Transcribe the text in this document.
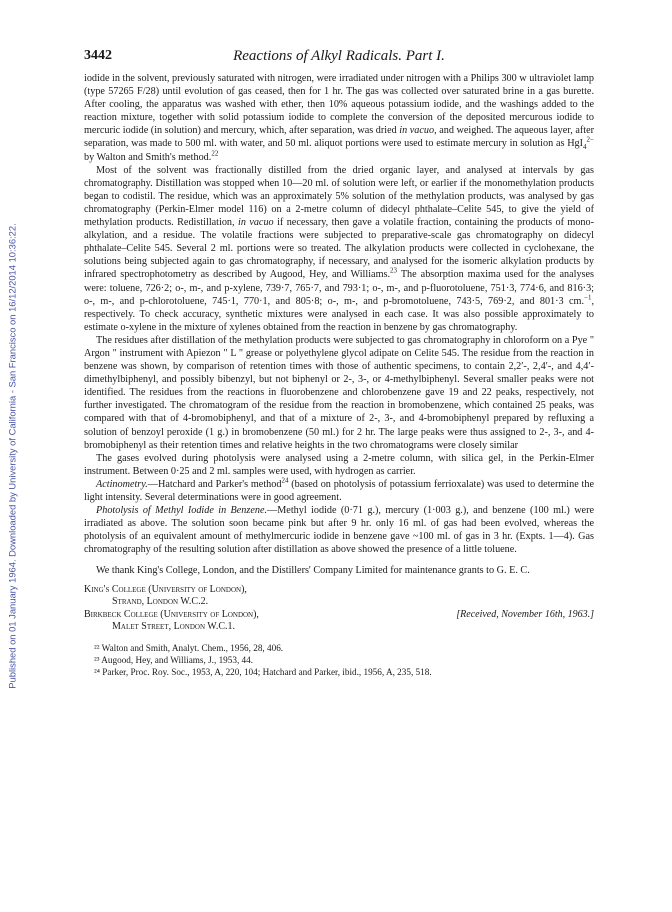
Published on 01 January 1964. Downloaded by University of California - San Francisco on 16/12/2014 10:36:22.
3442	Reactions of Alkyl Radicals. Part I.

iodide in the solvent, previously saturated with nitrogen, were irradiated under nitrogen with a Philips 300 w ultraviolet lamp (type 57265 F/28) until evolution of gas ceased, then for 1 hr. The gas was collected over saturated brine in a gas burette. After cooling, the apparatus was washed with ether, then 10% aqueous potassium iodide, and the washings added to the reaction mixture, together with solid potassium iodide to complete the conversion of the deposited mercurous iodide to mercuric iodide (in solution) and mercury, which, after separation, was dried in vacuo, and weighed. The aqueous layer, after separation, was made to 500 ml. with water, and 50 ml. aliquot portions were used to estimate mercury in solution as HgI$_4^{2-}$ by Walton and Smith's method.$^{22}$

Most of the solvent was fractionally distilled from the dried organic layer, and analysed at intervals by gas chromatography. Distillation was stopped when 10—20 ml. of solution were left, or earlier if the monomethylation products began to codistil. The residue, which was an approximately 5% solution of the methylation products, was analysed by gas chromatography (Perkin-Elmer model 116) on a 2-metre column of didecyl phthalate–Celite 545, to give the yield of methylation products. Redistillation, in vacuo if necessary, then gave a volatile fraction, containing the products of mono-alkylation, and a residue. The volatile fractions were subjected to preparative-scale gas chromatography on didecyl phthalate–Celite 545. Several 2 ml. portions were so treated. The alkylation products were collected in cyclohexane, the solutions being subjected again to gas chromatography, if necessary, and analysed for the isomeric alkylation products by infrared spectrophotometry as described by Augood, Hey, and Williams.$^{23}$ The absorption maxima used for the analyses were: toluene, 726·2; o-, m-, and p-xylene, 739·7, 765·7, and 793·1; o-, m-, and p-fluorotoluene, 751·3, 774·6, and 816·3; o-, m-, and p-chlorotoluene, 745·1, 770·1, and 805·8; o-, m-, and p-bromotoluene, 743·5, 769·2, and 801·3 cm.$^{-1}$, respectively. To check accuracy, synthetic mixtures were analysed in each case. It was also possible approximately to estimate o-xylene in the mixture of xylenes obtained from the reaction in benzene by gas chromatography.

The residues after distillation of the methylation products were subjected to gas chromatography in chloroform on a Pye " Argon " instrument with Apiezon " L " grease or polyethylene glycol adipate on Celite 545. The residue from the reaction in benzene was shown, by comparison of retention times with those of authentic specimens, to contain 2,2′-, 2,4′-, and 4,4′-dimethylbiphenyl, and possibly bibenzyl, but not biphenyl or 2-, 3-, or 4-methylbiphenyl. Several smaller peaks were not identified. The residues from the reactions in fluorobenzene and chlorobenzene gave 19 and 22 peaks, respectively, not further investigated. The chromatogram of the residue from the reaction in bromobenzene, which contained 25 peaks, was compared with that of 4-bromobiphenyl, and that of a mixture of 2-, 3-, and 4-bromobiphenyl prepared by refluxing a solution of benzoyl peroxide (1 g.) in bromobenzene (50 ml.) for 2 hr. The large peaks were thus assigned to 2-, 3-, and 4-bromobiphenyl as their retention times and relative heights in the two chromatograms were closely similar

The gases evolved during photolysis were analysed using a 2-metre column, with silica gel, in the Perkin-Elmer instrument. Between 0·25 and 2 ml. samples were used, with hydrogen as carrier.

Actinometry.—Hatchard and Parker's method$^{24}$ (based on photolysis of potassium ferrioxalate) was used to determine the light intensity. Several determinations were in good agreement.

Photolysis of Methyl Iodide in Benzene.—Methyl iodide (0·71 g.), mercury (1·003 g.), and benzene (100 ml.) were irradiated as above. The solution soon became pink but after 9 hr. only 16 ml. of gas had been evolved, whereas the photolysis of an equivalent amount of methylmercuric iodide in benzene gave ~100 ml. of gas in 3 hr. (Expts. 1—4). Gas chromatography of the resulting solution after distillation as above showed the presence of a little toluene.

We thank King's College, London, and the Distillers' Company Limited for maintenance grants to G. E. C.

King's College (University of London),
Strand, London W.C.2.
Birkbeck College (University of London),
Malet Street, London W.C.1.
[Received, November 16th, 1963.]
²² Walton and Smith, Analyt. Chem., 1956, 28, 406.
²³ Augood, Hey, and Williams, J., 1953, 44.
²⁴ Parker, Proc. Roy. Soc., 1953, A, 220, 104; Hatchard and Parker, ibid., 1956, A, 235, 518.
